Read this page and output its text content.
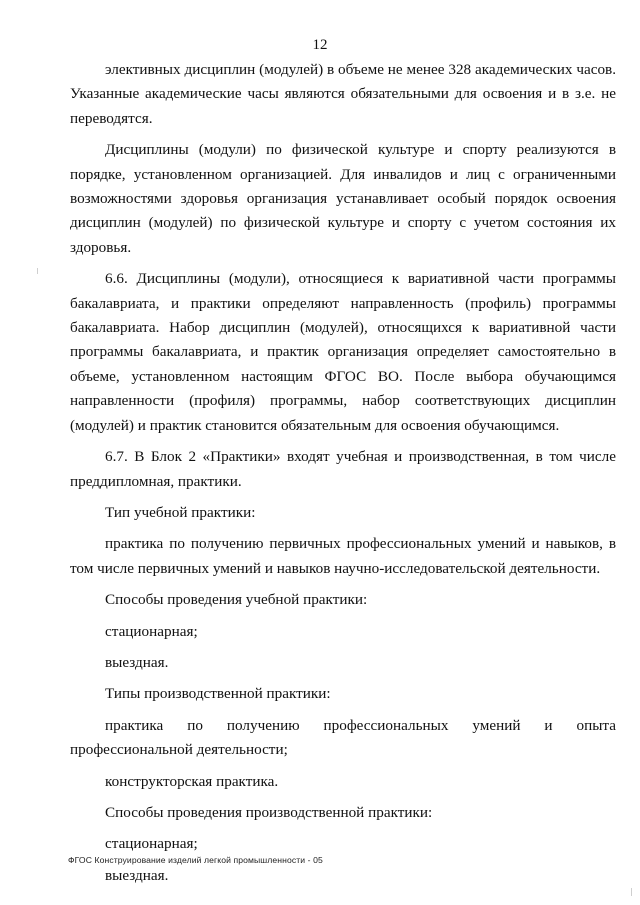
12

элективных дисциплин (модулей) в объеме не менее 328 академических часов. Указанные академические часы являются обязательными для освоения и в з.е. не переводятся.

Дисциплины (модули) по физической культуре и спорту реализуются в порядке, установленном организацией. Для инвалидов и лиц с ограниченными возможностями здоровья организация устанавливает особый порядок освоения дисциплин (модулей) по физической культуре и спорту с учетом состояния их здоровья.

6.6. Дисциплины (модули), относящиеся к вариативной части программы бакалавриата, и практики определяют направленность (профиль) программы бакалавриата. Набор дисциплин (модулей), относящихся к вариативной части программы бакалавриата, и практик организация определяет самостоятельно в объеме, установленном настоящим ФГОС ВО. После выбора обучающимся направленности (профиля) программы, набор соответствующих дисциплин (модулей) и практик становится обязательным для освоения обучающимся.

6.7. В Блок 2 «Практики» входят учебная и производственная, в том числе преддипломная, практики.

Тип учебной практики:

практика по получению первичных профессиональных умений и навыков, в том числе первичных умений и навыков научно-исследовательской деятельности.

Способы проведения учебной практики:

стационарная;

выездная.

Типы производственной практики:

практика по получению профессиональных умений и опыта профессиональной деятельности;

конструкторская практика.

Способы проведения производственной практики:

стационарная;

выездная.

ФГОС Конструирование изделий легкой промышленности - 05
